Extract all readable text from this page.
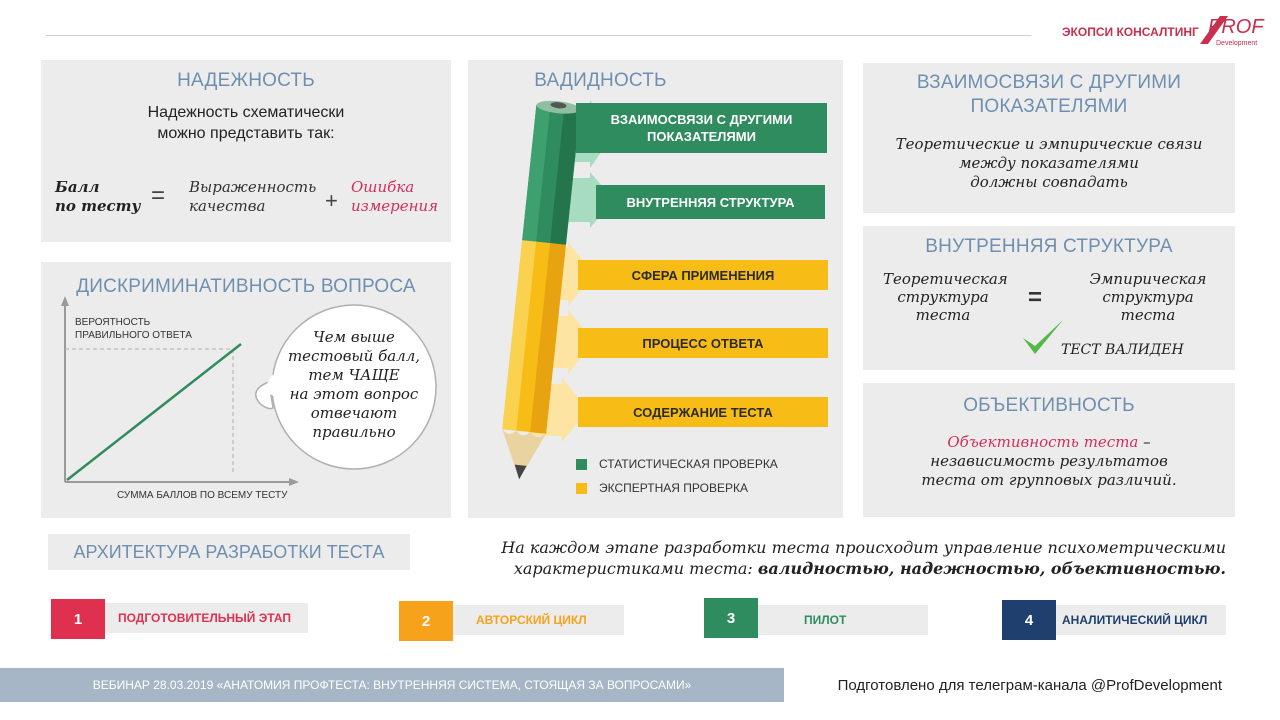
ЭКОПСИ КОНСАЛТИНГ PROF
Development
НАДЕЖНОСТЬ
Надежность схематически
можно представить так:
Балл
по тесту = Выраженность
качества	+
Ошибка
измерения
ДИСКРИМИНАТИВНОСТЬ ВОПРОСА
ВЕРОЯТНОСТЬ
ПРАВИЛЬНОГО ОТВЕТА	Чем выше
тестовый балл,
тем ЧАЩЕ
на этот вопрос
отвечают
правильно
СУММА БАЛЛОВ ПО ВСЕМУ ТЕСТУ
ВАДИДНОСТЬ
ВЗАИМОСВЯЗИ С ДРУГИМИ
ПОКАЗАТЕЛЯМИ
ВНУТРЕННЯЯ СТРУКТУРА
СФЕРА ПРИМЕНЕНИЯ
ПРОЦЕСС ОТВЕТА
СОДЕРЖАНИЕ ТЕСТА
СТАТИСТИЧЕСКАЯ ПРОВЕРКА
ЭКСПЕРТНАЯ ПРОВЕРКА
ВЗАИМОСВЯЗИ С ДРУГИМИ
ПОКАЗАТЕЛЯМИ
Теоретические и эмпирические связи
между показателями
должны совпадать
ВНУТРЕННЯЯ СТРУКТУРА
Теоретическая
структура
теста
=
Эмпирическая
структура
теста
ТЕСТ ВАЛИДЕН
ОБЪЕКТИВНОСТЬ
Объективность теста –
независимость результатов
теста от групповых различий.
АРХИТЕКТУРА РАЗРАБОТКИ ТЕСТА	На каждом этапе разработки теста происходит управление психометрическими
характеристиками теста: валидностью, надежностью, объективностью.
ПОДГОТОВИТЕЛЬНЫЙ ЭТАП
1	АВТОРСКИЙ ЦИКЛ
2	ПИЛОТ
3	АНАЛИТИЧЕСКИЙ ЦИКЛ
4
ВЕБИНАР 28.03.2019 «АНАТОМИЯ ПРОФТЕСТА: ВНУТРЕННЯЯ СИСТЕМА, СТОЯЩАЯ ЗА ВОПРОСАМИ»	Подготовлено для телеграм-канала @ProfDevelopment
